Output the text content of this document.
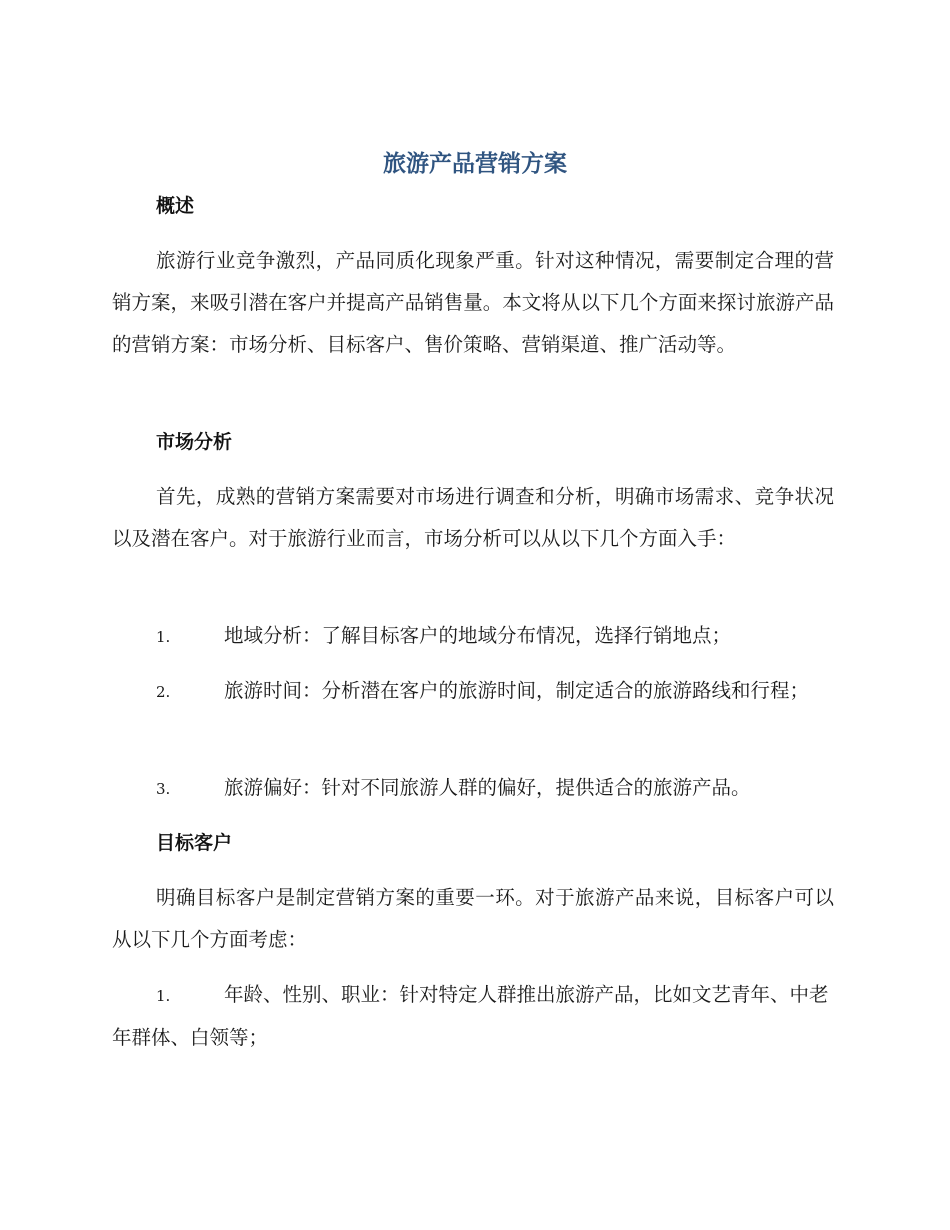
旅游产品营销方案
概述

旅游行业竞争激烈，产品同质化现象严重。针对这种情况，需要制定合理的营销方案，来吸引潜在客户并提高产品销售量。本文将从以下几个方面来探讨旅游产品的营销方案：市场分析、目标客户、售价策略、营销渠道、推广活动等。

市场分析

首先，成熟的营销方案需要对市场进行调查和分析，明确市场需求、竞争状况以及潜在客户。对于旅游行业而言，市场分析可以从以下几个方面入手：

1.	地域分析：了解目标客户的地域分布情况，选择行销地点；

2.	旅游时间：分析潜在客户的旅游时间，制定适合的旅游路线和行程；

3.	旅游偏好：针对不同旅游人群的偏好，提供适合的旅游产品。

目标客户

明确目标客户是制定营销方案的重要一环。对于旅游产品来说，目标客户可以从以下几个方面考虑：

1.	年龄、性别、职业：针对特定人群推出旅游产品，比如文艺青年、中老年群体、白领等；
